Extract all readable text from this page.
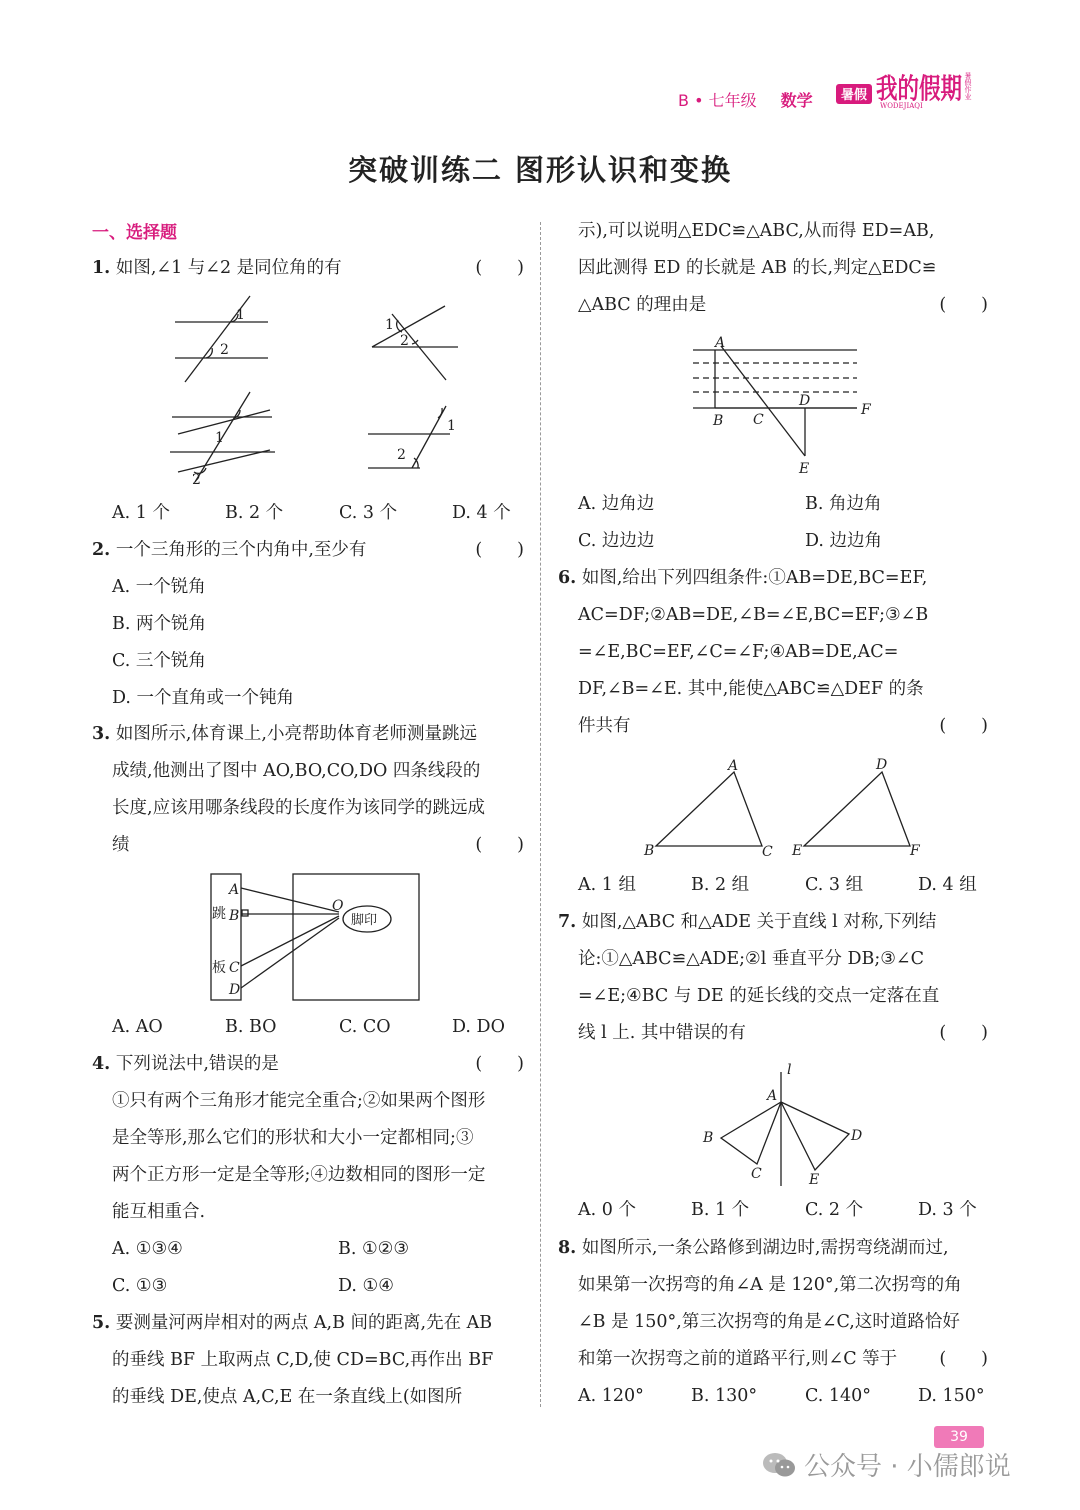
B • 七年级 数学 暑假 我的假期
WODEJIAQI
暑假作业
突破训练二 图形认识和变换
一、选择题
1. 如图,∠1 与∠2 是同位角的有	(　　)
1
2
1
2
1
2
1
2
A. 1 个	B. 2 个	C. 3 个	D. 4 个
2. 一个三角形的三个内角中,至少有	(　　)
A. 一个锐角
B. 两个锐角
C. 三个锐角
D. 一个直角或一个钝角
3. 如图所示,体育课上,小亮帮助体育老师测量跳远
成绩,他测出了图中 AO,BO,CO,DO 四条线段的
长度,应该用哪条线段的长度作为该同学的跳远成
绩	(　　)
A
跳 B
板 C
D
O
脚印
A. AO	B. BO	C. CO	D. DO
4. 下列说法中,错误的是	(　　)
①只有两个三角形才能完全重合;②如果两个图形
是全等形,那么它们的形状和大小一定都相同;③
两个正方形一定是全等形;④边数相同的图形一定
能互相重合.
A. ①③④	B. ①②③
C. ①③	D. ①④
5. 要测量河两岸相对的两点 A,B 间的距离,先在 AB
的垂线 BF 上取两点 C,D,使 CD=BC,再作出 BF
的垂线 DE,使点 A,C,E 在一条直线上(如图所
示),可以说明△EDC≌△ABC,从而得 ED=AB,
因此测得 ED 的长就是 AB 的长,判定△EDC≌
△ABC 的理由是	(　　)
A
B C
D
E
F
A. 边角边	B. 角边角
C. 边边边	D. 边边角
6. 如图,给出下列四组条件:①AB=DE,BC=EF,
AC=DF;②AB=DE,∠B=∠E,BC=EF;③∠B
=∠E,BC=EF,∠C=∠F;④AB=DE,AC=
DF,∠B=∠E. 其中,能使△ABC≌△DEF 的条
件共有	(　　)
A
B	C
D
E	F
A. 1 组	B. 2 组	C. 3 组	D. 4 组
7. 如图,△ABC 和△ADE 关于直线 l 对称,下列结
论:①△ABC≌△ADE;②l 垂直平分 DB;③∠C
=∠E;④BC 与 DE 的延长线的交点一定落在直
线 l 上. 其中错误的有	(　　)
l
A
B
C
D
E
A. 0 个	B. 1 个	C. 2 个	D. 3 个
8. 如图所示,一条公路修到湖边时,需拐弯绕湖而过,
如果第一次拐弯的角∠A 是 120°,第二次拐弯的角
∠B 是 150°,第三次拐弯的角是∠C,这时道路恰好
和第一次拐弯之前的道路平行,则∠C 等于 (　　)
A. 120°	B. 130°	C. 140°	D. 150°
39
公众号 · 小儒郎说
